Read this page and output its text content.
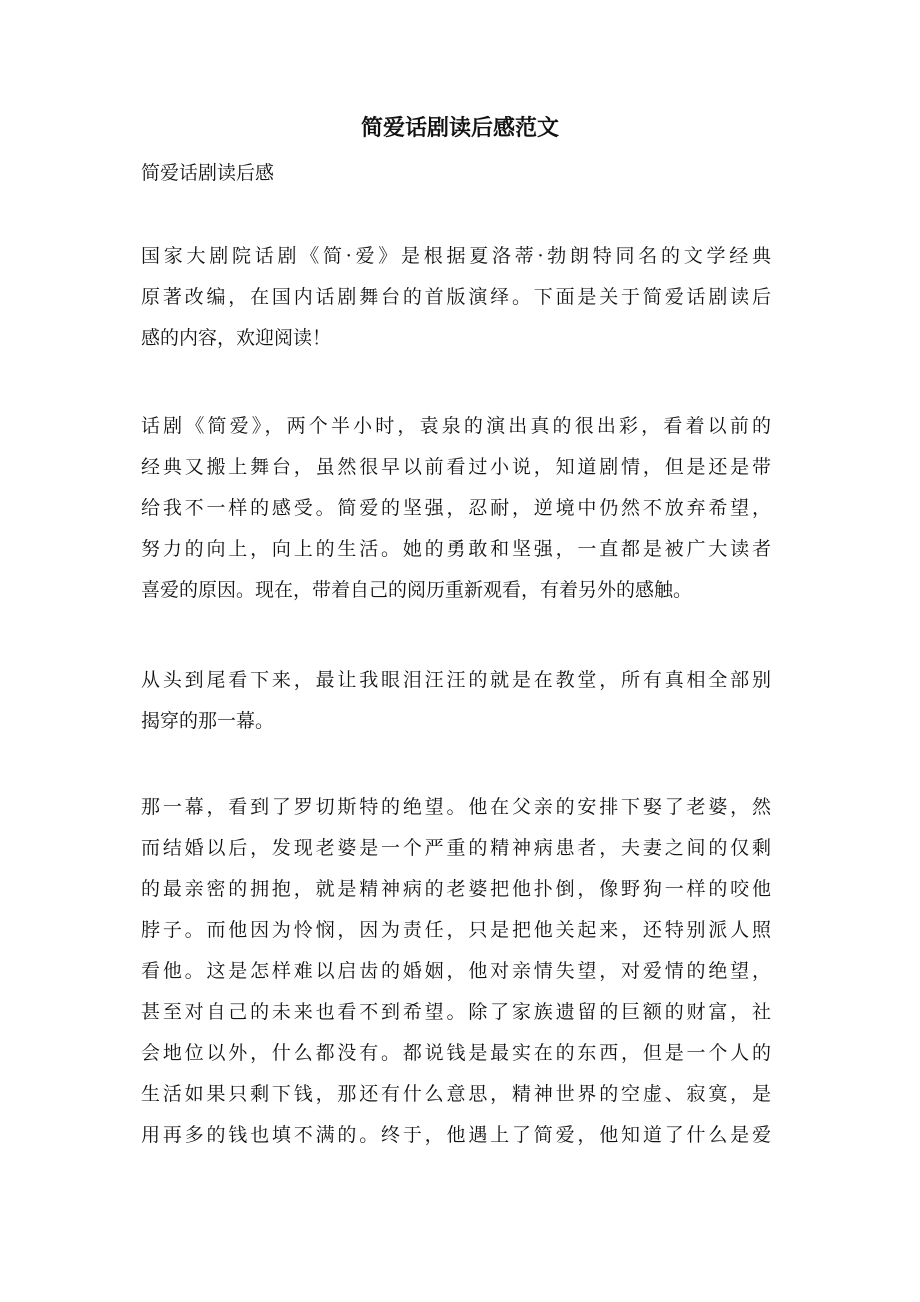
简爱话剧读后感范文

简爱话剧读后感

国家大剧院话剧《简·爱》是根据夏洛蒂·勃朗特同名的文学经典
原著改编，在国内话剧舞台的首版演绎。下面是关于简爱话剧读后
感的内容，欢迎阅读！
话剧《简爱》，两个半小时，袁泉的演出真的很出彩，看着以前的
经典又搬上舞台，虽然很早以前看过小说，知道剧情，但是还是带
给我不一样的感受。简爱的坚强，忍耐，逆境中仍然不放弃希望，
努力的向上，向上的生活。她的勇敢和坚强，一直都是被广大读者
喜爱的原因。现在，带着自己的阅历重新观看，有着另外的感触。
从头到尾看下来，最让我眼泪汪汪的就是在教堂，所有真相全部别
揭穿的那一幕。
那一幕，看到了罗切斯特的绝望。他在父亲的安排下娶了老婆，然
而结婚以后，发现老婆是一个严重的精神病患者，夫妻之间的仅剩
的最亲密的拥抱，就是精神病的老婆把他扑倒，像野狗一样的咬他
脖子。而他因为怜悯，因为责任，只是把他关起来，还特别派人照
看他。这是怎样难以启齿的婚姻，他对亲情失望，对爱情的绝望，
甚至对自己的未来也看不到希望。除了家族遗留的巨额的财富，社
会地位以外，什么都没有。都说钱是最实在的东西，但是一个人的
生活如果只剩下钱，那还有什么意思，精神世界的空虚、寂寞，是
用再多的钱也填不满的。终于，他遇上了简爱，他知道了什么是爱
